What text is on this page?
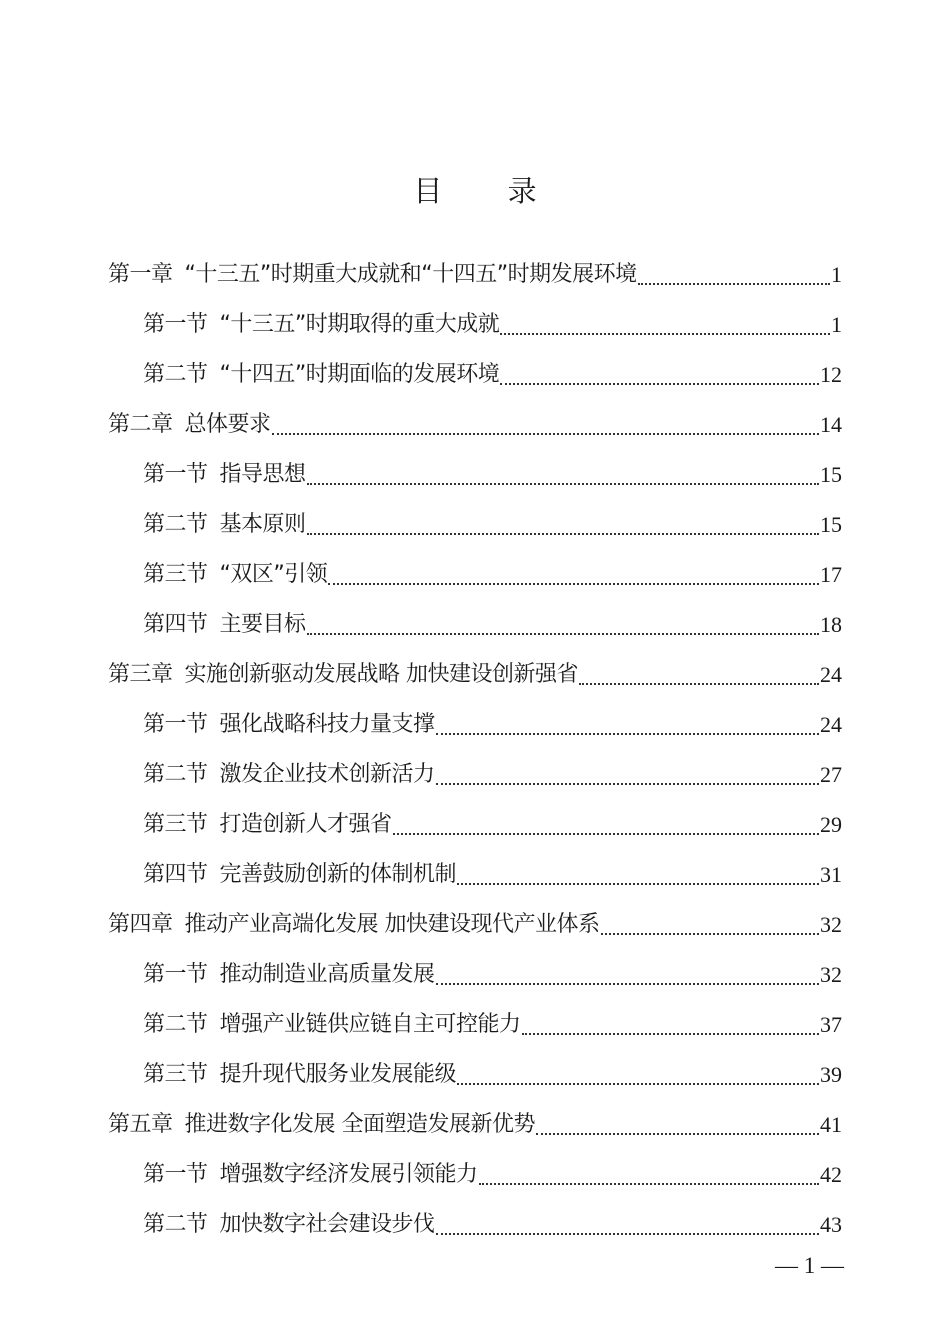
目 录
第一章 “十三五”时期重大成就和“十四五”时期发展环境	1
第一节 “十三五”时期取得的重大成就	1
第二节 “十四五”时期面临的发展环境	12
第二章 总体要求	14
第一节 指导思想	15
第二节 基本原则	15
第三节 “双区”引领	17
第四节 主要目标	18
第三章 实施创新驱动发展战略 加快建设创新强省	24
第一节 强化战略科技力量支撑	24
第二节 激发企业技术创新活力	27
第三节 打造创新人才强省	29
第四节 完善鼓励创新的体制机制	31
第四章 推动产业高端化发展 加快建设现代产业体系	32
第一节 推动制造业高质量发展	32
第二节 增强产业链供应链自主可控能力	37
第三节 提升现代服务业发展能级	39
第五章 推进数字化发展 全面塑造发展新优势	41
第一节 增强数字经济发展引领能力	42
第二节 加快数字社会建设步伐	43
— 1 —
